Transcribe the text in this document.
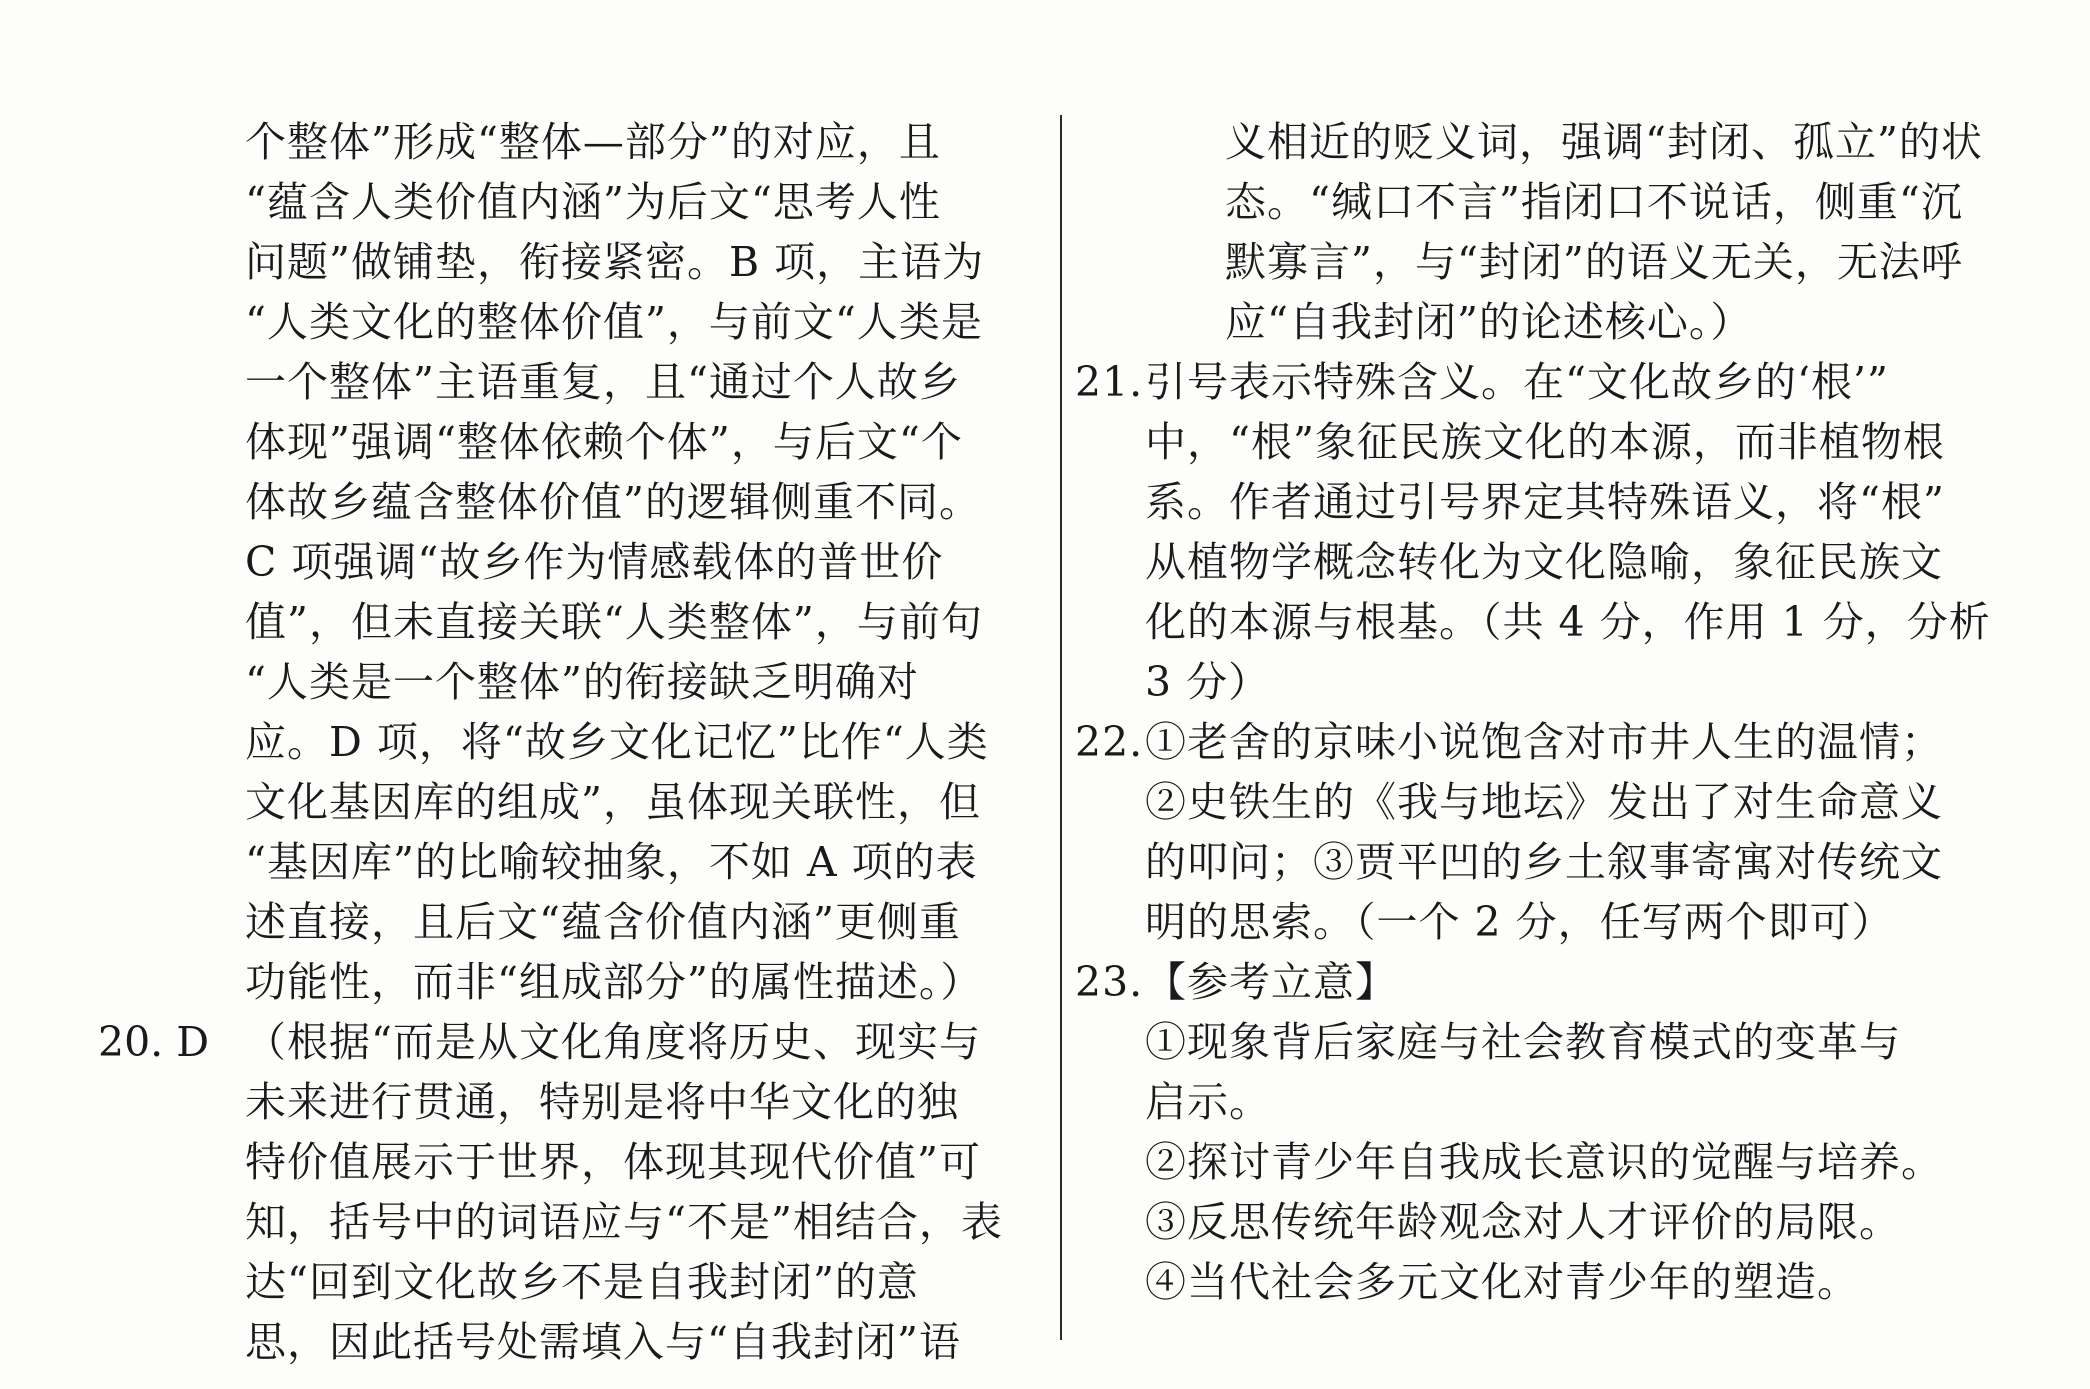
个整体”形成“整体—部分”的对应，且
“蕴含人类价值内涵”为后文“思考人性
问题”做铺垫，衔接紧密。B 项，主语为
“人类文化的整体价值”，与前文“人类是
一个整体”主语重复，且“通过个人故乡
体现”强调“整体依赖个体”，与后文“个
体故乡蕴含整体价值”的逻辑侧重不同。
C 项强调“故乡作为情感载体的普世价
值”，但未直接关联“人类整体”，与前句
“人类是一个整体”的衔接缺乏明确对
应。D 项，将“故乡文化记忆”比作“人类
文化基因库的组成”，虽体现关联性，但
“基因库”的比喻较抽象，不如 A 项的表
述直接，且后文“蕴含价值内涵”更侧重
功能性，而非“组成部分”的属性描述。）
（根据“而是从文化角度将历史、现实与
未来进行贯通，特别是将中华文化的独
特价值展示于世界，体现其现代价值”可
知，括号中的词语应与“不是”相结合，表
达“回到文化故乡不是自我封闭”的意
思，因此括号处需填入与“自我封闭”语
20. D
义相近的贬义词，强调“封闭、孤立”的状
态。“缄口不言”指闭口不说话，侧重“沉
默寡言”，与“封闭”的语义无关，无法呼
应“自我封闭”的论述核心。）
21.引号表示特殊含义。在“文化故乡的‘根’”
中，“根”象征民族文化的本源，而非植物根
系。作者通过引号界定其特殊语义，将“根”
从植物学概念转化为文化隐喻，象征民族文
化的本源与根基。（共 4 分，作用 1 分，分析
3 分）
22.①老舍的京味小说饱含对市井人生的温情；
②史铁生的《我与地坛》发出了对生命意义
的叩问；③贾平凹的乡土叙事寄寓对传统文
明的思索。（一个 2 分，任写两个即可）
23.【参考立意】
①现象背后家庭与社会教育模式的变革与
启示。
②探讨青少年自我成长意识的觉醒与培养。
③反思传统年龄观念对人才评价的局限。
④当代社会多元文化对青少年的塑造。
